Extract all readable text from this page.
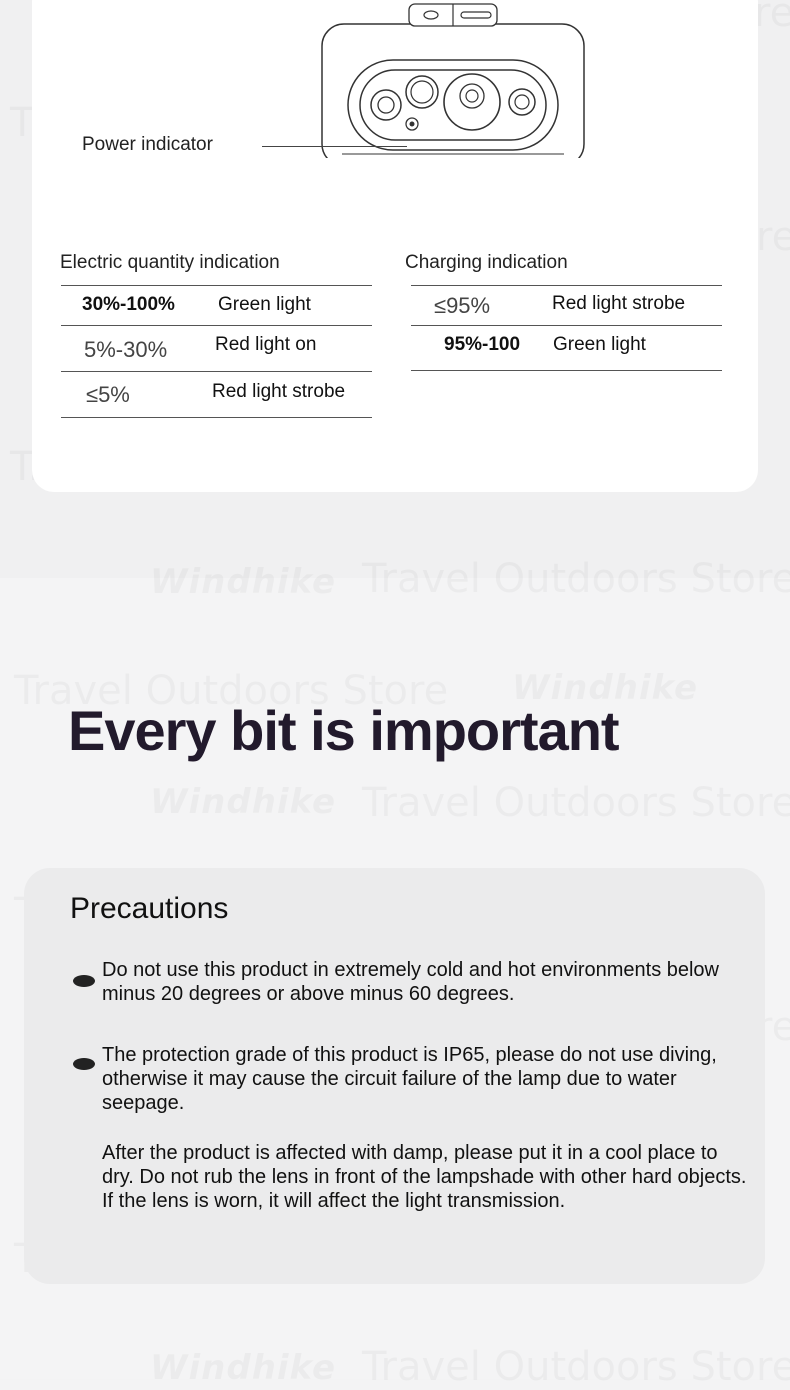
Power indicator
Electric quantity indication
30%-100% Green light
5%-30%	Red light on
≤5%	Red light strobe
Charging indication
≤95%	Red light strobe
95%-100 Green light
Every bit is important
Precautions
Do not use this product in extremely cold and hot environments below minus 20 degrees or above minus 60 degrees.
The protection grade of this product is IP65, please do not use diving, otherwise it may cause the circuit failure of the lamp due to water seepage.
After the product is affected with damp, please put it in a cool place to dry. Do not rub the lens in front of the lampshade with other hard objects. If the lens is worn, it will affect the light transmission.
